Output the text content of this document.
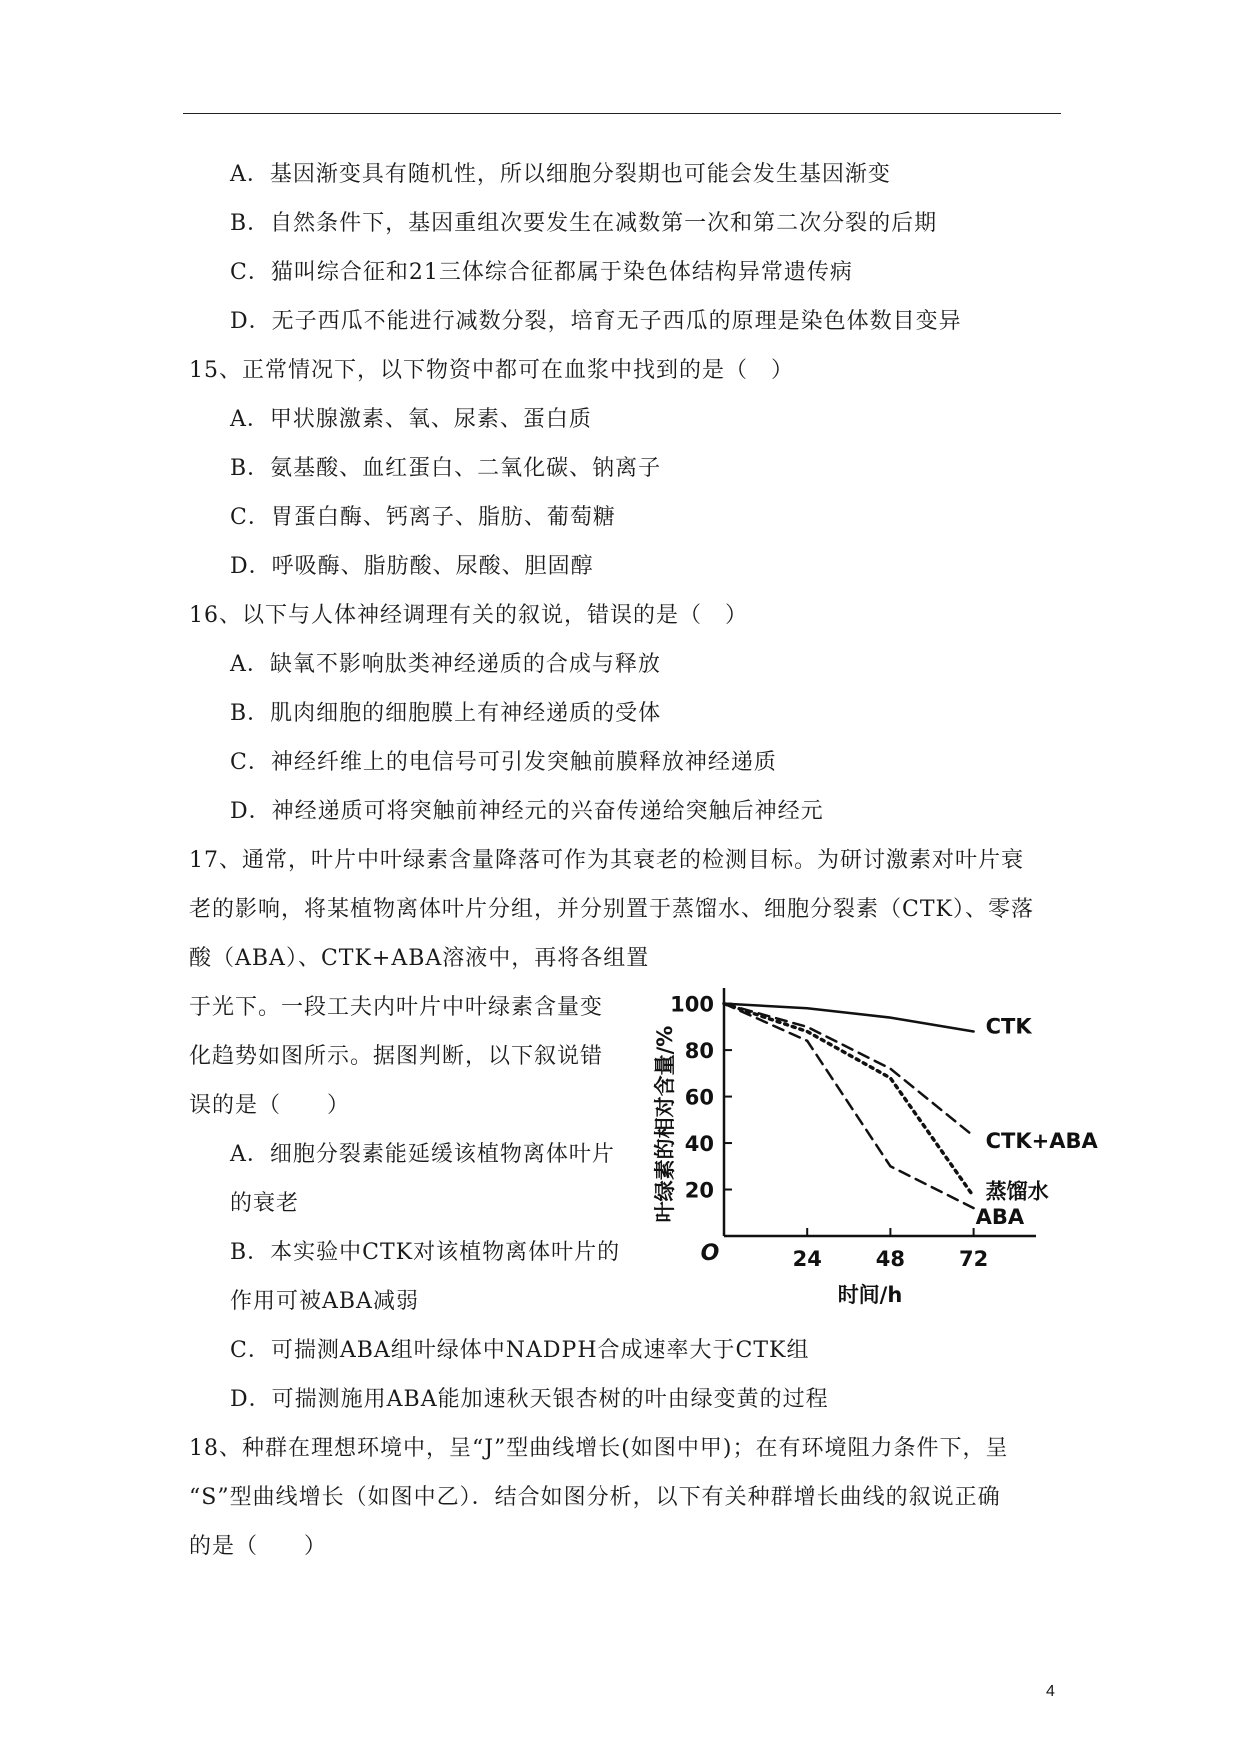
A．基因渐变具有随机性，所以细胞分裂期也可能会发生基因渐变
B．自然条件下，基因重组次要发生在减数第一次和第二次分裂的后期
C．猫叫综合征和21三体综合征都属于染色体结构异常遗传病
D．无子西瓜不能进行减数分裂，培育无子西瓜的原理是染色体数目变异
15、正常情况下，以下物资中都可在血浆中找到的是（　）
A．甲状腺激素、氧、尿素、蛋白质
B．氨基酸、血红蛋白、二氧化碳、钠离子
C．胃蛋白酶、钙离子、脂肪、葡萄糖
D．呼吸酶、脂肪酸、尿酸、胆固醇
16、以下与人体神经调理有关的叙说，错误的是（　）
A．缺氧不影响肽类神经递质的合成与释放
B．肌肉细胞的细胞膜上有神经递质的受体
C．神经纤维上的电信号可引发突触前膜释放神经递质
D．神经递质可将突触前神经元的兴奋传递给突触后神经元
17、通常，叶片中叶绿素含量降落可作为其衰老的检测目标。为研讨激素对叶片衰
老的影响，将某植物离体叶片分组，并分别置于蒸馏水、细胞分裂素（CTK）、零落
酸（ABA）、CTK+ABA溶液中，再将各组置
于光下。一段工夫内叶片中叶绿素含量变
化趋势如图所示。据图判断，以下叙说错
误的是（　　）
A．细胞分裂素能延缓该植物离体叶片
的衰老
B．本实验中CTK对该植物离体叶片的
作用可被ABA减弱
C．可揣测ABA组叶绿体中NADPH合成速率大于CTK组
D．可揣测施用ABA能加速秋天银杏树的叶由绿变黄的过程
18、种群在理想环境中，呈“J”型曲线增长(如图中甲)；在有环境阻力条件下，呈
“S”型曲线增长（如图中乙）．结合如图分析，以下有关种群增长曲线的叙说正确
的是（　　）
20
40
60
80
100
24	48	72
O
时间/h
叶绿素的相对含量/%	CTK
CTK+ABA
蒸馏水
ABA
4
